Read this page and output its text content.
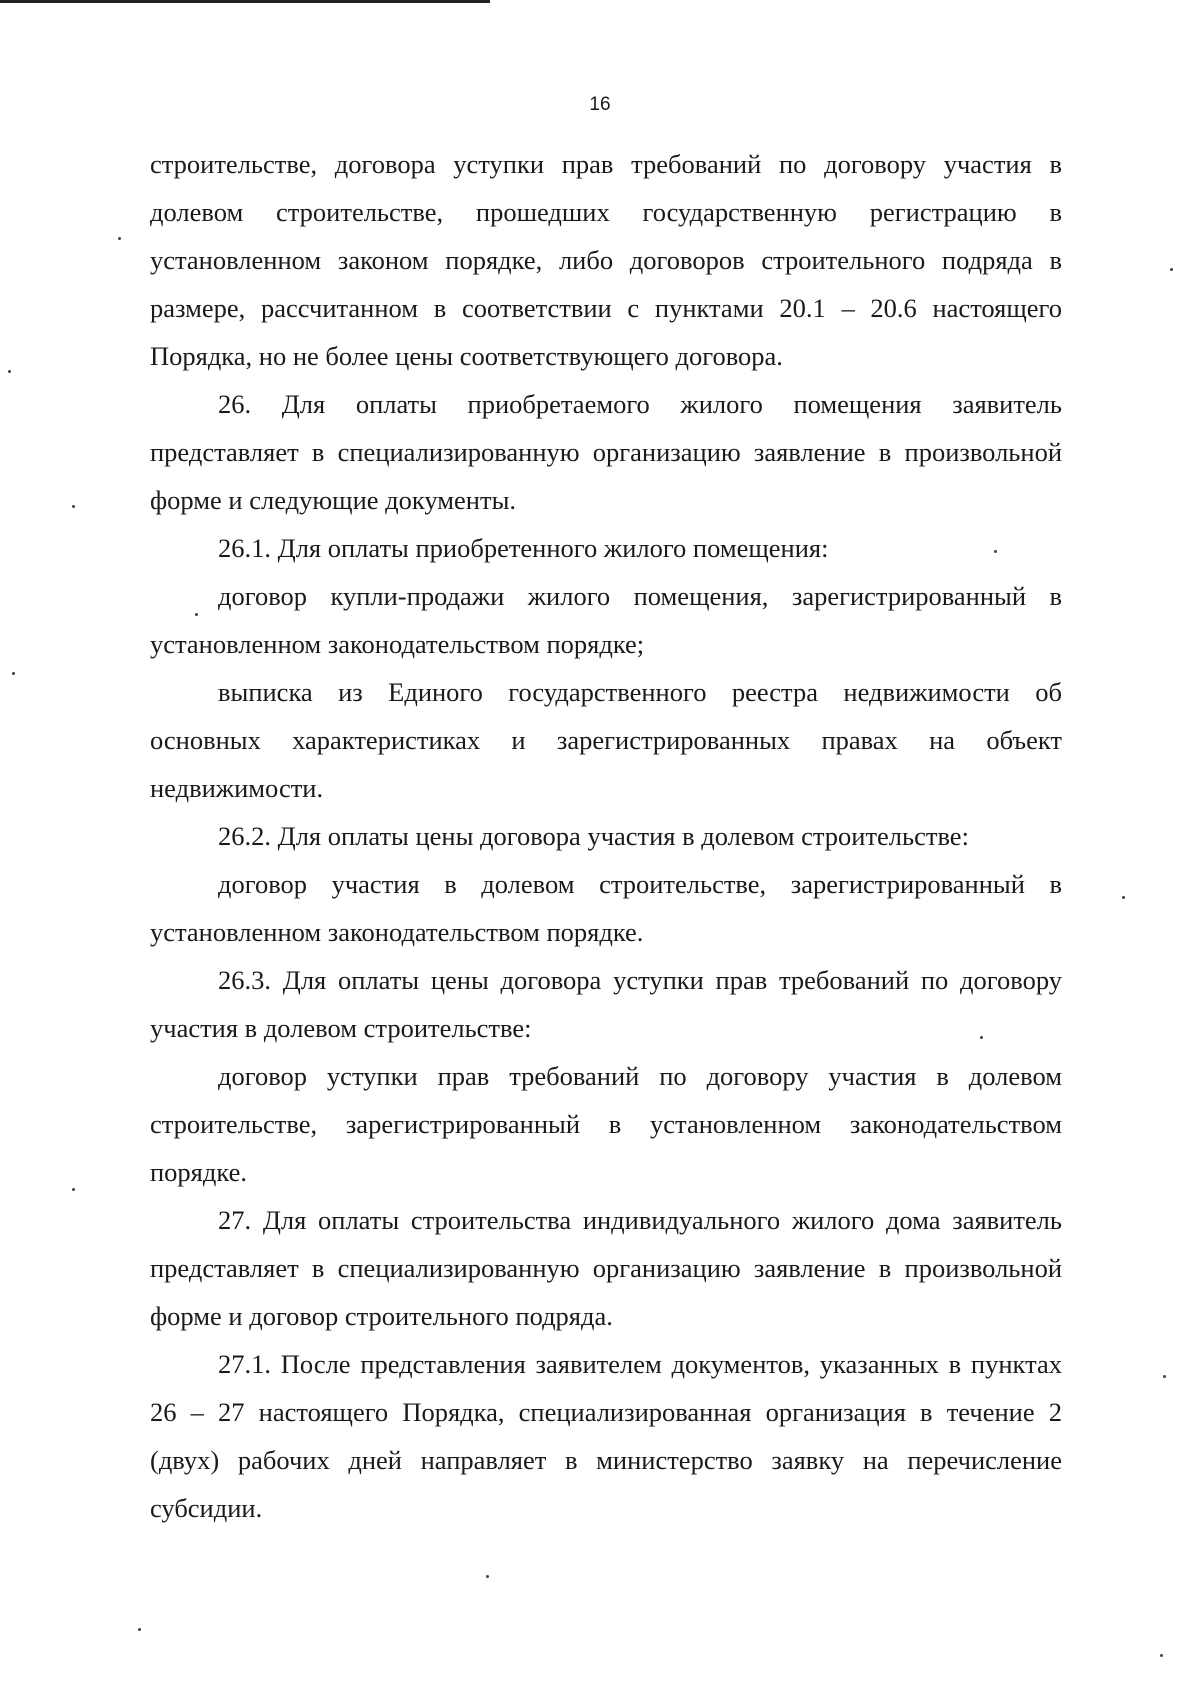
16

строительстве, договора уступки прав требований по договору участия в долевом строительстве, прошедших государственную регистрацию в установленном законом порядке, либо договоров строительного подряда в размере, рассчитанном в соответствии с пунктами 20.1 – 20.6 настоящего Порядка, но не более цены соответствующего договора.

26. Для оплаты приобретаемого жилого помещения заявитель представляет в специализированную организацию заявление в произвольной форме и следующие документы.

26.1. Для оплаты приобретенного жилого помещения:

договор купли-продажи жилого помещения, зарегистрированный в установленном законодательством порядке;

выписка из Единого государственного реестра недвижимости об основных характеристиках и зарегистрированных правах на объект недвижимости.

26.2. Для оплаты цены договора участия в долевом строительстве:

договор участия в долевом строительстве, зарегистрированный в установленном законодательством порядке.

26.3. Для оплаты цены договора уступки прав требований по договору участия в долевом строительстве:

договор уступки прав требований по договору участия в долевом строительстве, зарегистрированный в установленном законодательством порядке.

27. Для оплаты строительства индивидуального жилого дома заявитель представляет в специализированную организацию заявление в произвольной форме и договор строительного подряда.

27.1. После представления заявителем документов, указанных в пунктах 26 – 27 настоящего Порядка, специализированная организация в течение 2 (двух) рабочих дней направляет в министерство заявку на перечисление субсидии.
